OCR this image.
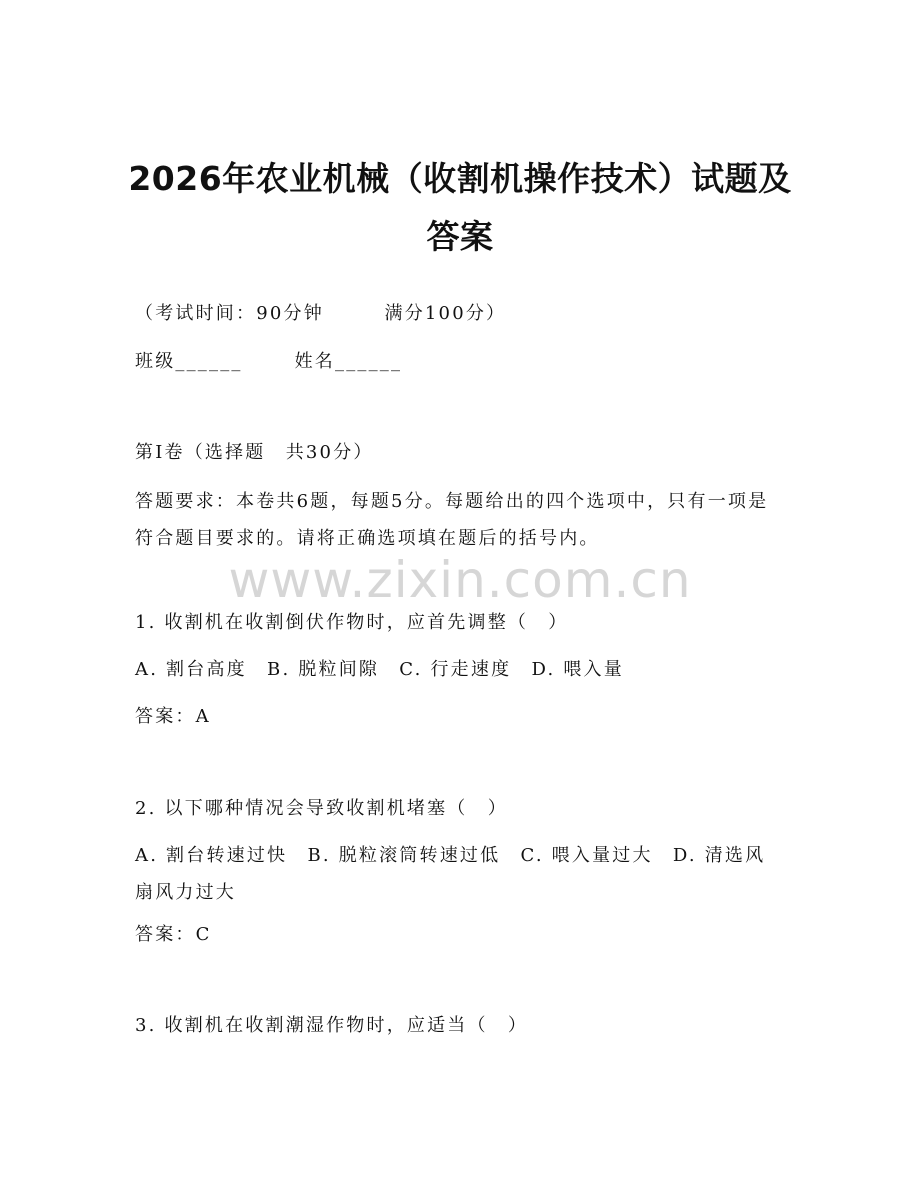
2026年农业机械（收割机操作技术）试题及
答案
（考试时间：90分钟　　　满分100分）
班级______	姓名______
第I卷（选择题　共30分）
答题要求：本卷共6题，每题5分。每题给出的四个选项中，只有一项是符合题目要求的。请将正确选项填在题后的括号内。
www.zixin.com.cn
1. 收割机在收割倒伏作物时，应首先调整（　）
A. 割台高度　B. 脱粒间隙　C. 行走速度　D. 喂入量
答案：A
2. 以下哪种情况会导致收割机堵塞（　）
A. 割台转速过快　B. 脱粒滚筒转速过低　C. 喂入量过大　D. 清选风扇风力过大
答案：C
3. 收割机在收割潮湿作物时，应适当（　）
